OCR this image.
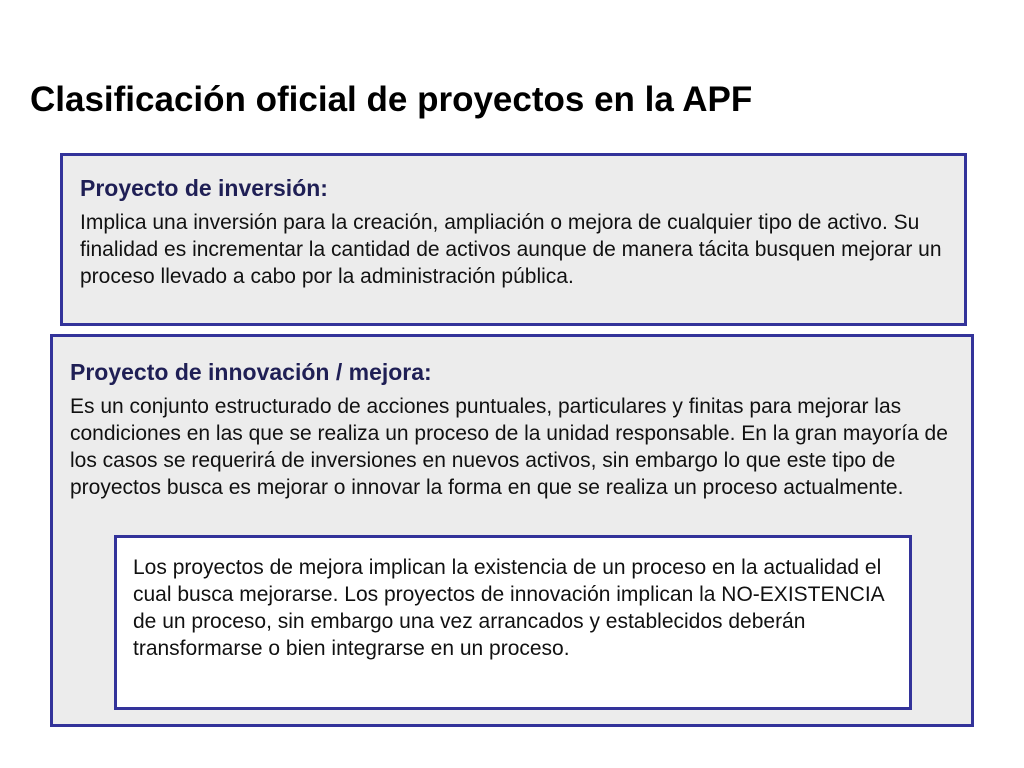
Clasificación oficial de proyectos en la APF
Proyecto de inversión:

Implica una inversión para la creación, ampliación o mejora de cualquier tipo de activo. Su finalidad es incrementar la cantidad de activos aunque de manera tácita busquen mejorar un proceso llevado a cabo por la administración pública.

Proyecto de innovación / mejora:

Es un conjunto estructurado de acciones puntuales, particulares y finitas para mejorar las condiciones en las que se realiza un proceso de la unidad responsable. En la gran mayoría de los casos se requerirá de inversiones en nuevos activos, sin embargo lo que este tipo de proyectos busca es mejorar o innovar la forma en que se realiza un proceso actualmente.

Los proyectos de mejora implican la existencia de un proceso en la actualidad el cual busca mejorarse. Los proyectos de innovación implican la NO-EXISTENCIA de un proceso, sin embargo una vez arrancados y establecidos deberán transformarse o bien integrarse en un proceso.
